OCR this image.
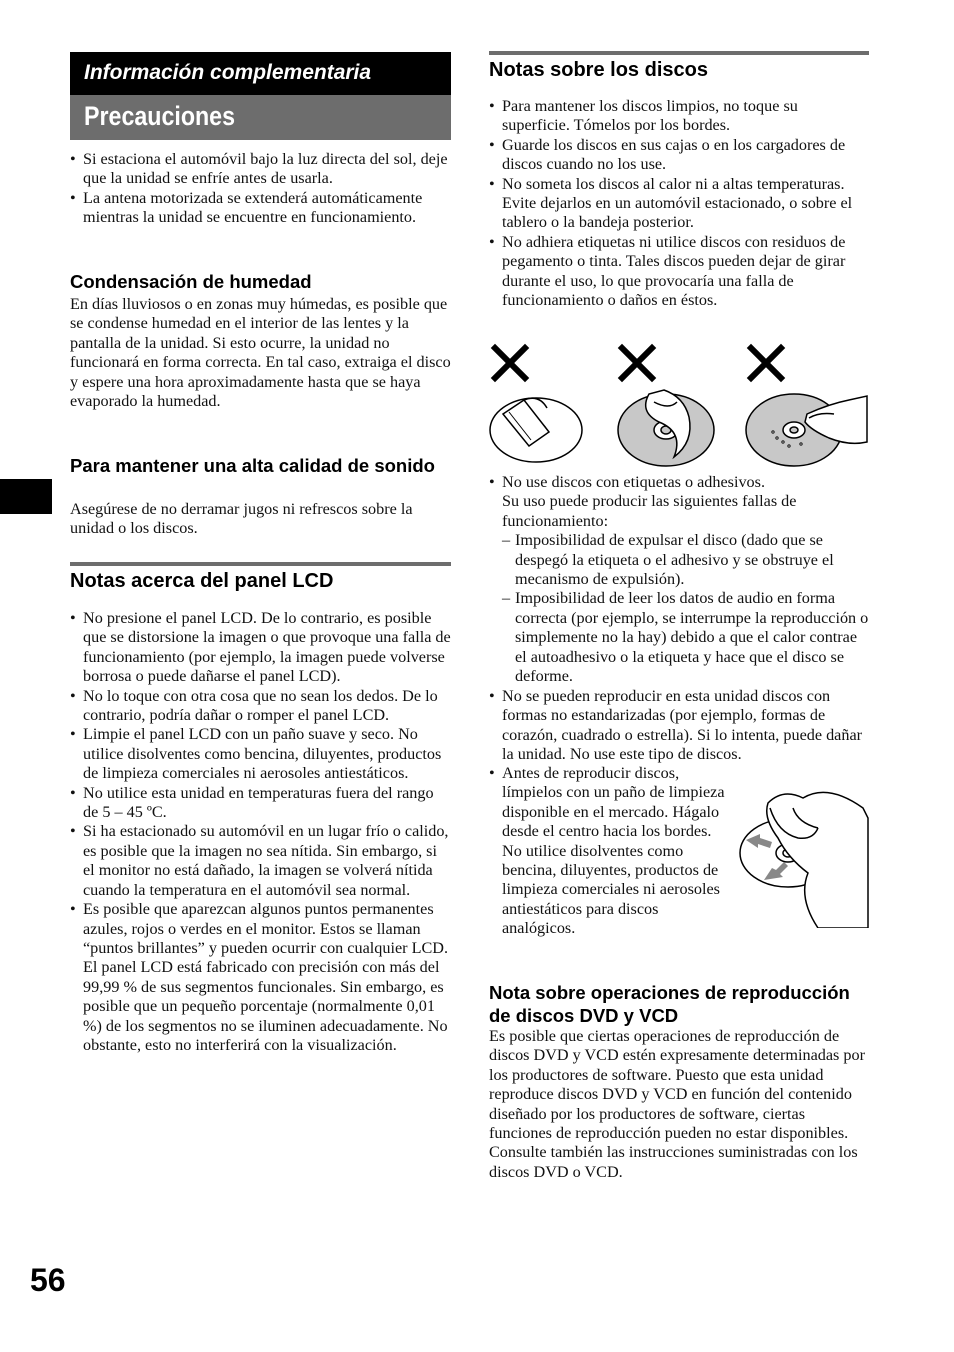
Información complementaria
Precauciones
• Si estaciona el automóvil bajo la luz directa del sol, deje que la unidad se enfríe antes de usarla.
• La antena motorizada se extenderá automáticamente mientras la unidad se encuentre en funcionamiento.
Condensación de humedad

En días lluviosos o en zonas muy húmedas, es posible que se condense humedad en el interior de las lentes y la pantalla de la unidad. Si esto ocurre, la unidad no funcionará en forma correcta. En tal caso, extraiga el disco y espere una hora aproximadamente hasta que se haya evaporado la humedad.

Para mantener una alta calidad de sonido

Asegúrese de no derramar jugos ni refrescos sobre la unidad o los discos.

Notas acerca del panel LCD
• No presione el panel LCD. De lo contrario, es posible que se distorsione la imagen o que provoque una falla de funcionamiento (por ejemplo, la imagen puede volverse borrosa o puede dañarse el panel LCD).
• No lo toque con otra cosa que no sean los dedos. De lo contrario, podría dañar o romper el panel LCD.
• Limpie el panel LCD con un paño suave y seco. No utilice disolventes como bencina, diluyentes, productos de limpieza comerciales ni aerosoles antiestáticos.
• No utilice esta unidad en temperaturas fuera del rango de 5 – 45 ºC.
• Si ha estacionado su automóvil en un lugar frío o calido, es posible que la imagen no sea nítida. Sin embargo, si el monitor no está dañado, la imagen se volverá nítida cuando la temperatura en el automóvil sea normal.
• Es posible que aparezcan algunos puntos permanentes azules, rojos o verdes en el monitor. Estos se llaman “puntos brillantes” y pueden ocurrir con cualquier LCD. El panel LCD está fabricado con precisión con más del 99,99 % de sus segmentos funcionales. Sin embargo, es posible que un pequeño porcentaje (normalmente 0,01 %) de los segmentos no se iluminen adecuadamente. No obstante, esto no interferirá con la visualización.
56
Notas sobre los discos
• Para mantener los discos limpios, no toque su superficie. Tómelos por los bordes.
• Guarde los discos en sus cajas o en los cargadores de discos cuando no los use.
• No someta los discos al calor ni a altas temperaturas. Evite dejarlos en un automóvil estacionado, o sobre el tablero o la bandeja posterior.
• No adhiera etiquetas ni utilice discos con residuos de pegamento o tinta. Tales discos pueden dejar de girar durante el uso, lo que provocaría una falla de funcionamiento o daños en éstos.
• No use discos con etiquetas o adhesivos.
Su uso puede producir las siguientes fallas de funcionamiento:
– Imposibilidad de expulsar el disco (dado que se despegó la etiqueta o el adhesivo y se obstruye el mecanismo de expulsión).
– Imposibilidad de leer los datos de audio en forma correcta (por ejemplo, se interrumpe la reproducción o simplemente no la hay) debido a que el calor contrae el autoadhesivo o la etiqueta y hace que el disco se deforme.
• No se pueden reproducir en esta unidad discos con formas no estandarizadas (por ejemplo, formas de corazón, cuadrado o estrella). Si lo intenta, puede dañar la unidad. No use este tipo de discos.
• Antes de reproducir discos, límpielos con un paño de limpieza disponible en el mercado. Hágalo desde el centro hacia los bordes. No utilice disolventes como bencina, diluyentes, productos de limpieza comerciales ni aerosoles antiestáticos para discos analógicos.
Nota sobre operaciones de reproducción de discos DVD y VCD

Es posible que ciertas operaciones de reproducción de discos DVD y VCD estén expresamente determinadas por los productores de software. Puesto que esta unidad reproduce discos DVD y VCD en función del contenido diseñado por los productores de software, ciertas funciones de reproducción pueden no estar disponibles. Consulte también las instrucciones suministradas con los discos DVD o VCD.
